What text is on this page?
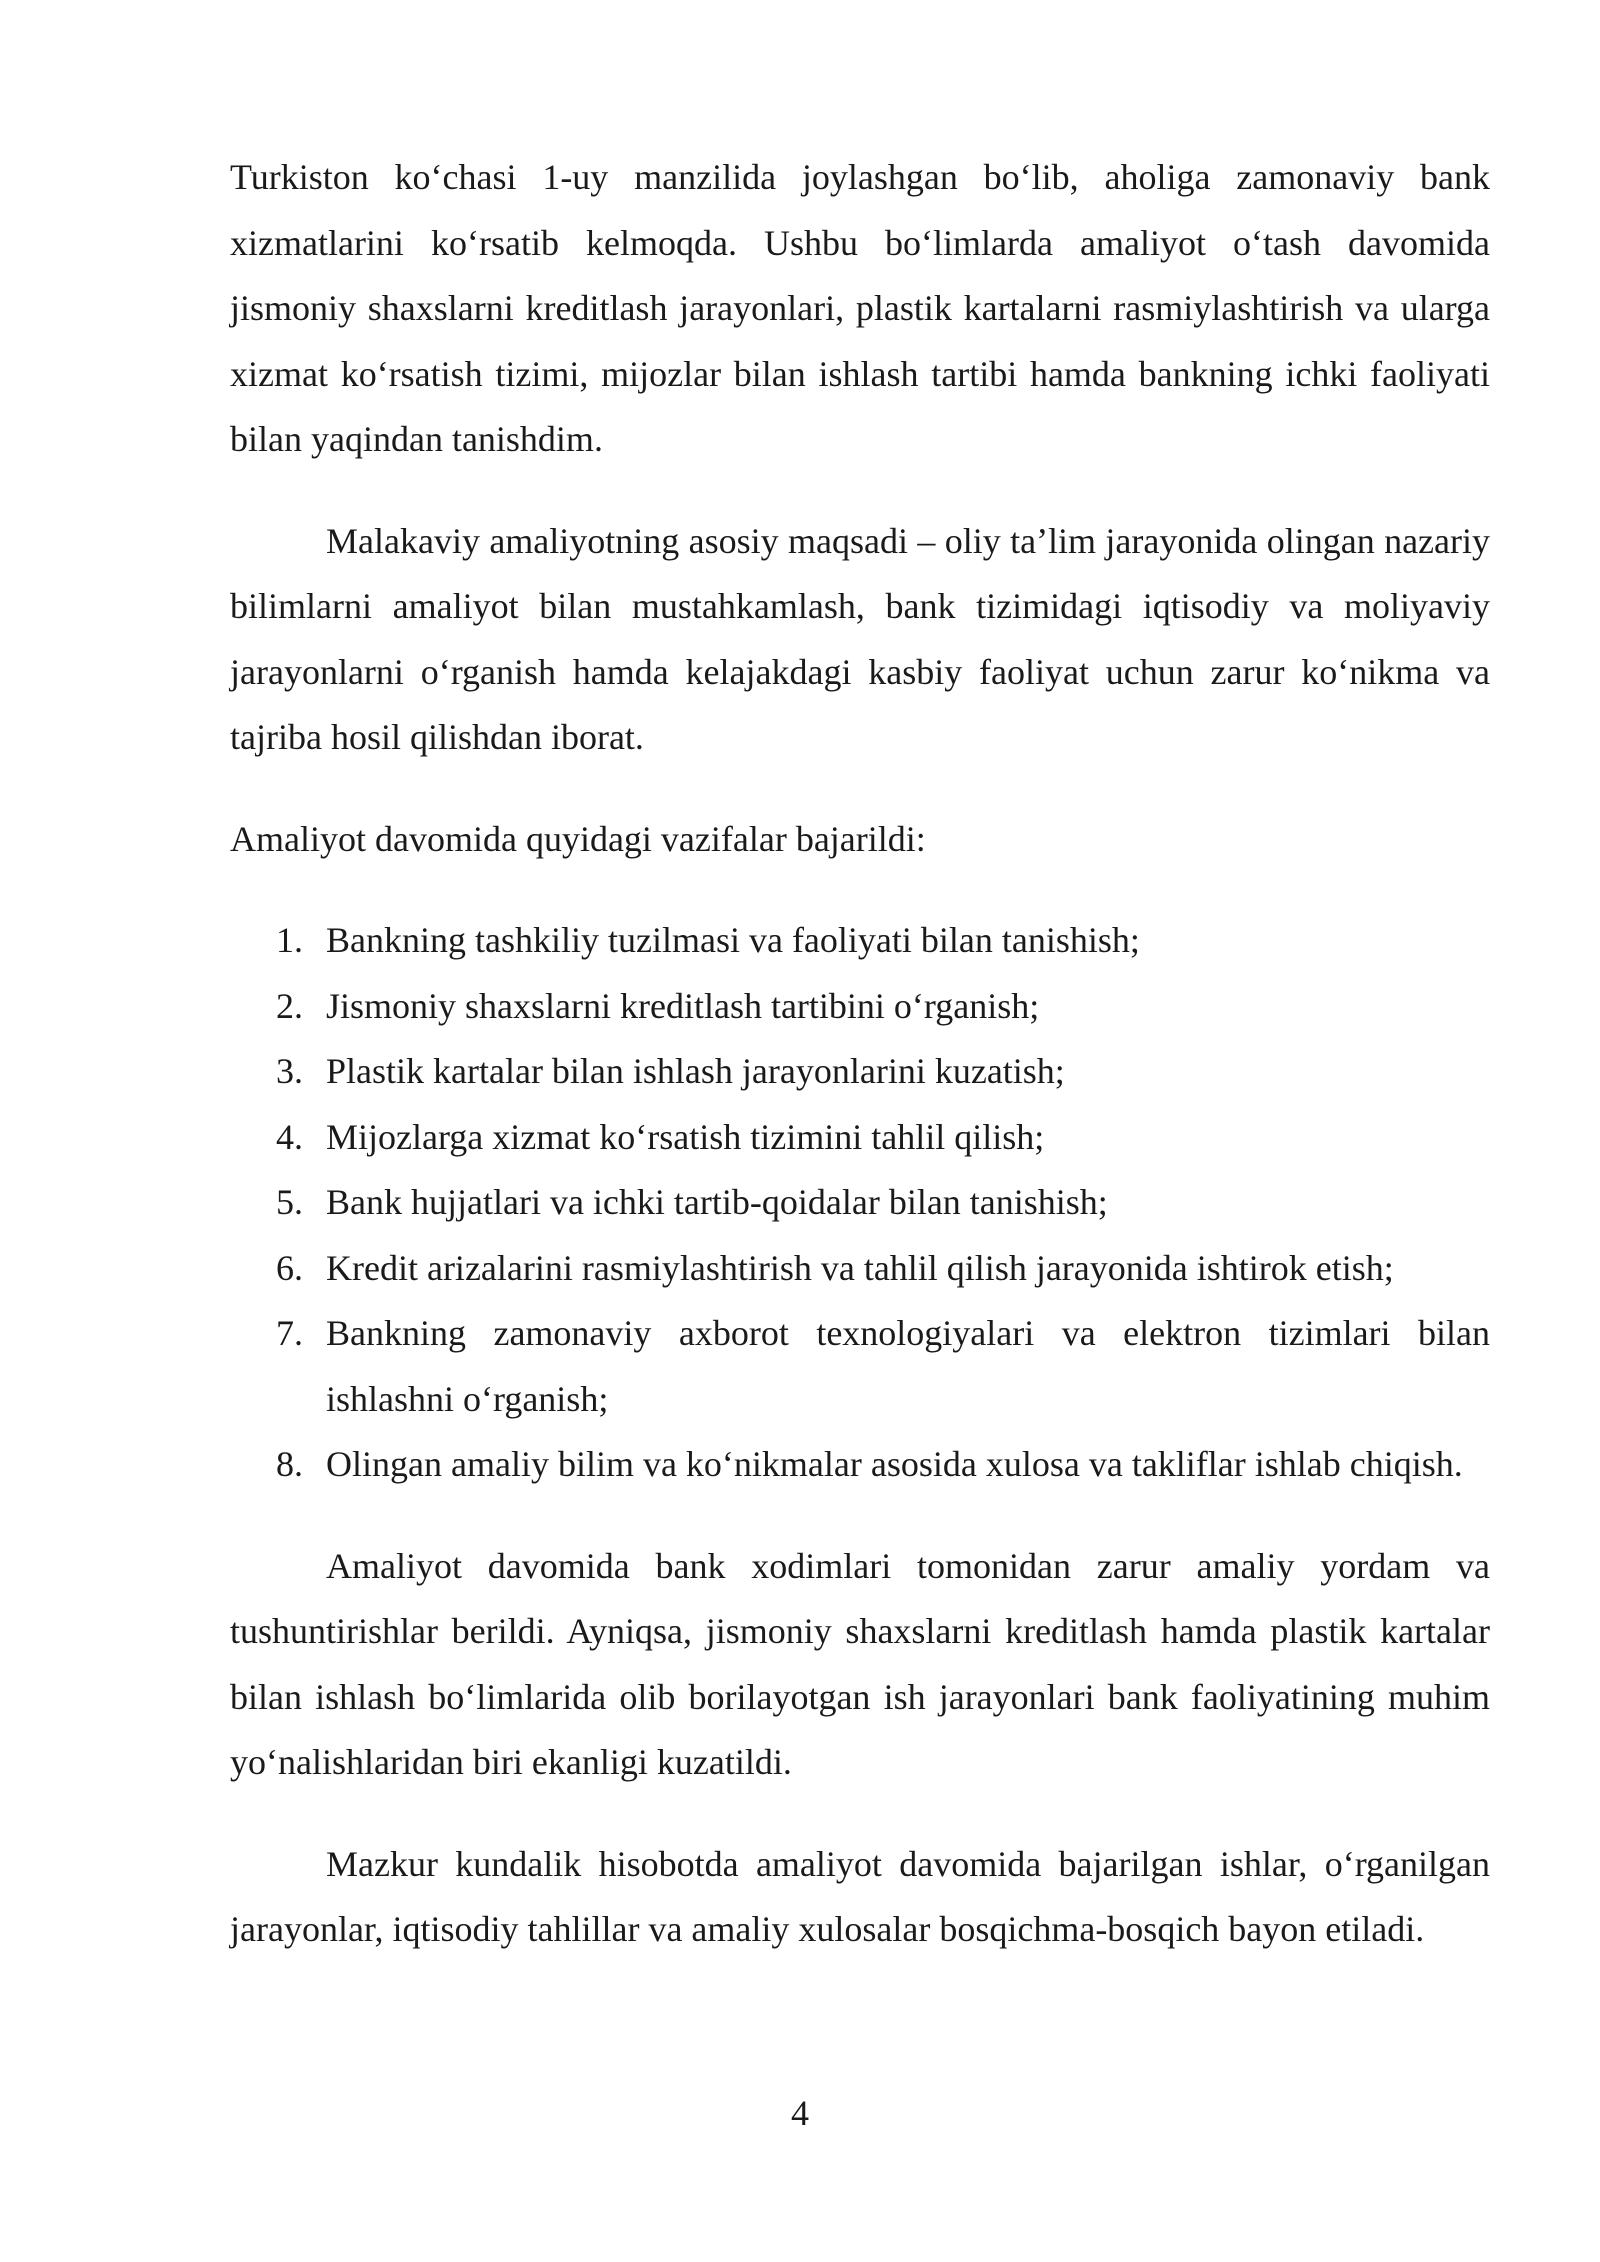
Turkiston koʻchasi 1-uy manzilida joylashgan boʻlib, aholiga zamonaviy bank xizmatlarini koʻrsatib kelmoqda. Ushbu boʻlimlarda amaliyot oʻtash davomida jismoniy shaxslarni kreditlash jarayonlari, plastik kartalarni rasmiylashtirish va ularga xizmat koʻrsatish tizimi, mijozlar bilan ishlash tartibi hamda bankning ichki faoliyati bilan yaqindan tanishdim.

Malakaviy amaliyotning asosiy maqsadi – oliy taʼlim jarayonida olingan nazariy bilimlarni amaliyot bilan mustahkamlash, bank tizimidagi iqtisodiy va moliyaviy jarayonlarni oʻrganish hamda kelajakdagi kasbiy faoliyat uchun zarur koʻnikma va tajriba hosil qilishdan iborat.

Amaliyot davomida quyidagi vazifalar bajarildi:

1. Bankning tashkiliy tuzilmasi va faoliyati bilan tanishish;
2. Jismoniy shaxslarni kreditlash tartibini oʻrganish;
3. Plastik kartalar bilan ishlash jarayonlarini kuzatish;
4. Mijozlarga xizmat koʻrsatish tizimini tahlil qilish;
5. Bank hujjatlari va ichki tartib-qoidalar bilan tanishish;
6. Kredit arizalarini rasmiylashtirish va tahlil qilish jarayonida ishtirok etish;
7. Bankning zamonaviy axborot texnologiyalari va elektron tizimlari bilan ishlashni oʻrganish;
8. Olingan amaliy bilim va koʻnikmalar asosida xulosa va takliflar ishlab chiqish.

Amaliyot davomida bank xodimlari tomonidan zarur amaliy yordam va tushuntirishlar berildi. Ayniqsa, jismoniy shaxslarni kreditlash hamda plastik kartalar bilan ishlash boʻlimlarida olib borilayotgan ish jarayonlari bank faoliyatining muhim yoʻnalishlaridan biri ekanligi kuzatildi.

Mazkur kundalik hisobotda amaliyot davomida bajarilgan ishlar, oʻrganilgan jarayonlar, iqtisodiy tahlillar va amaliy xulosalar bosqichma-bosqich bayon etiladi.

4
